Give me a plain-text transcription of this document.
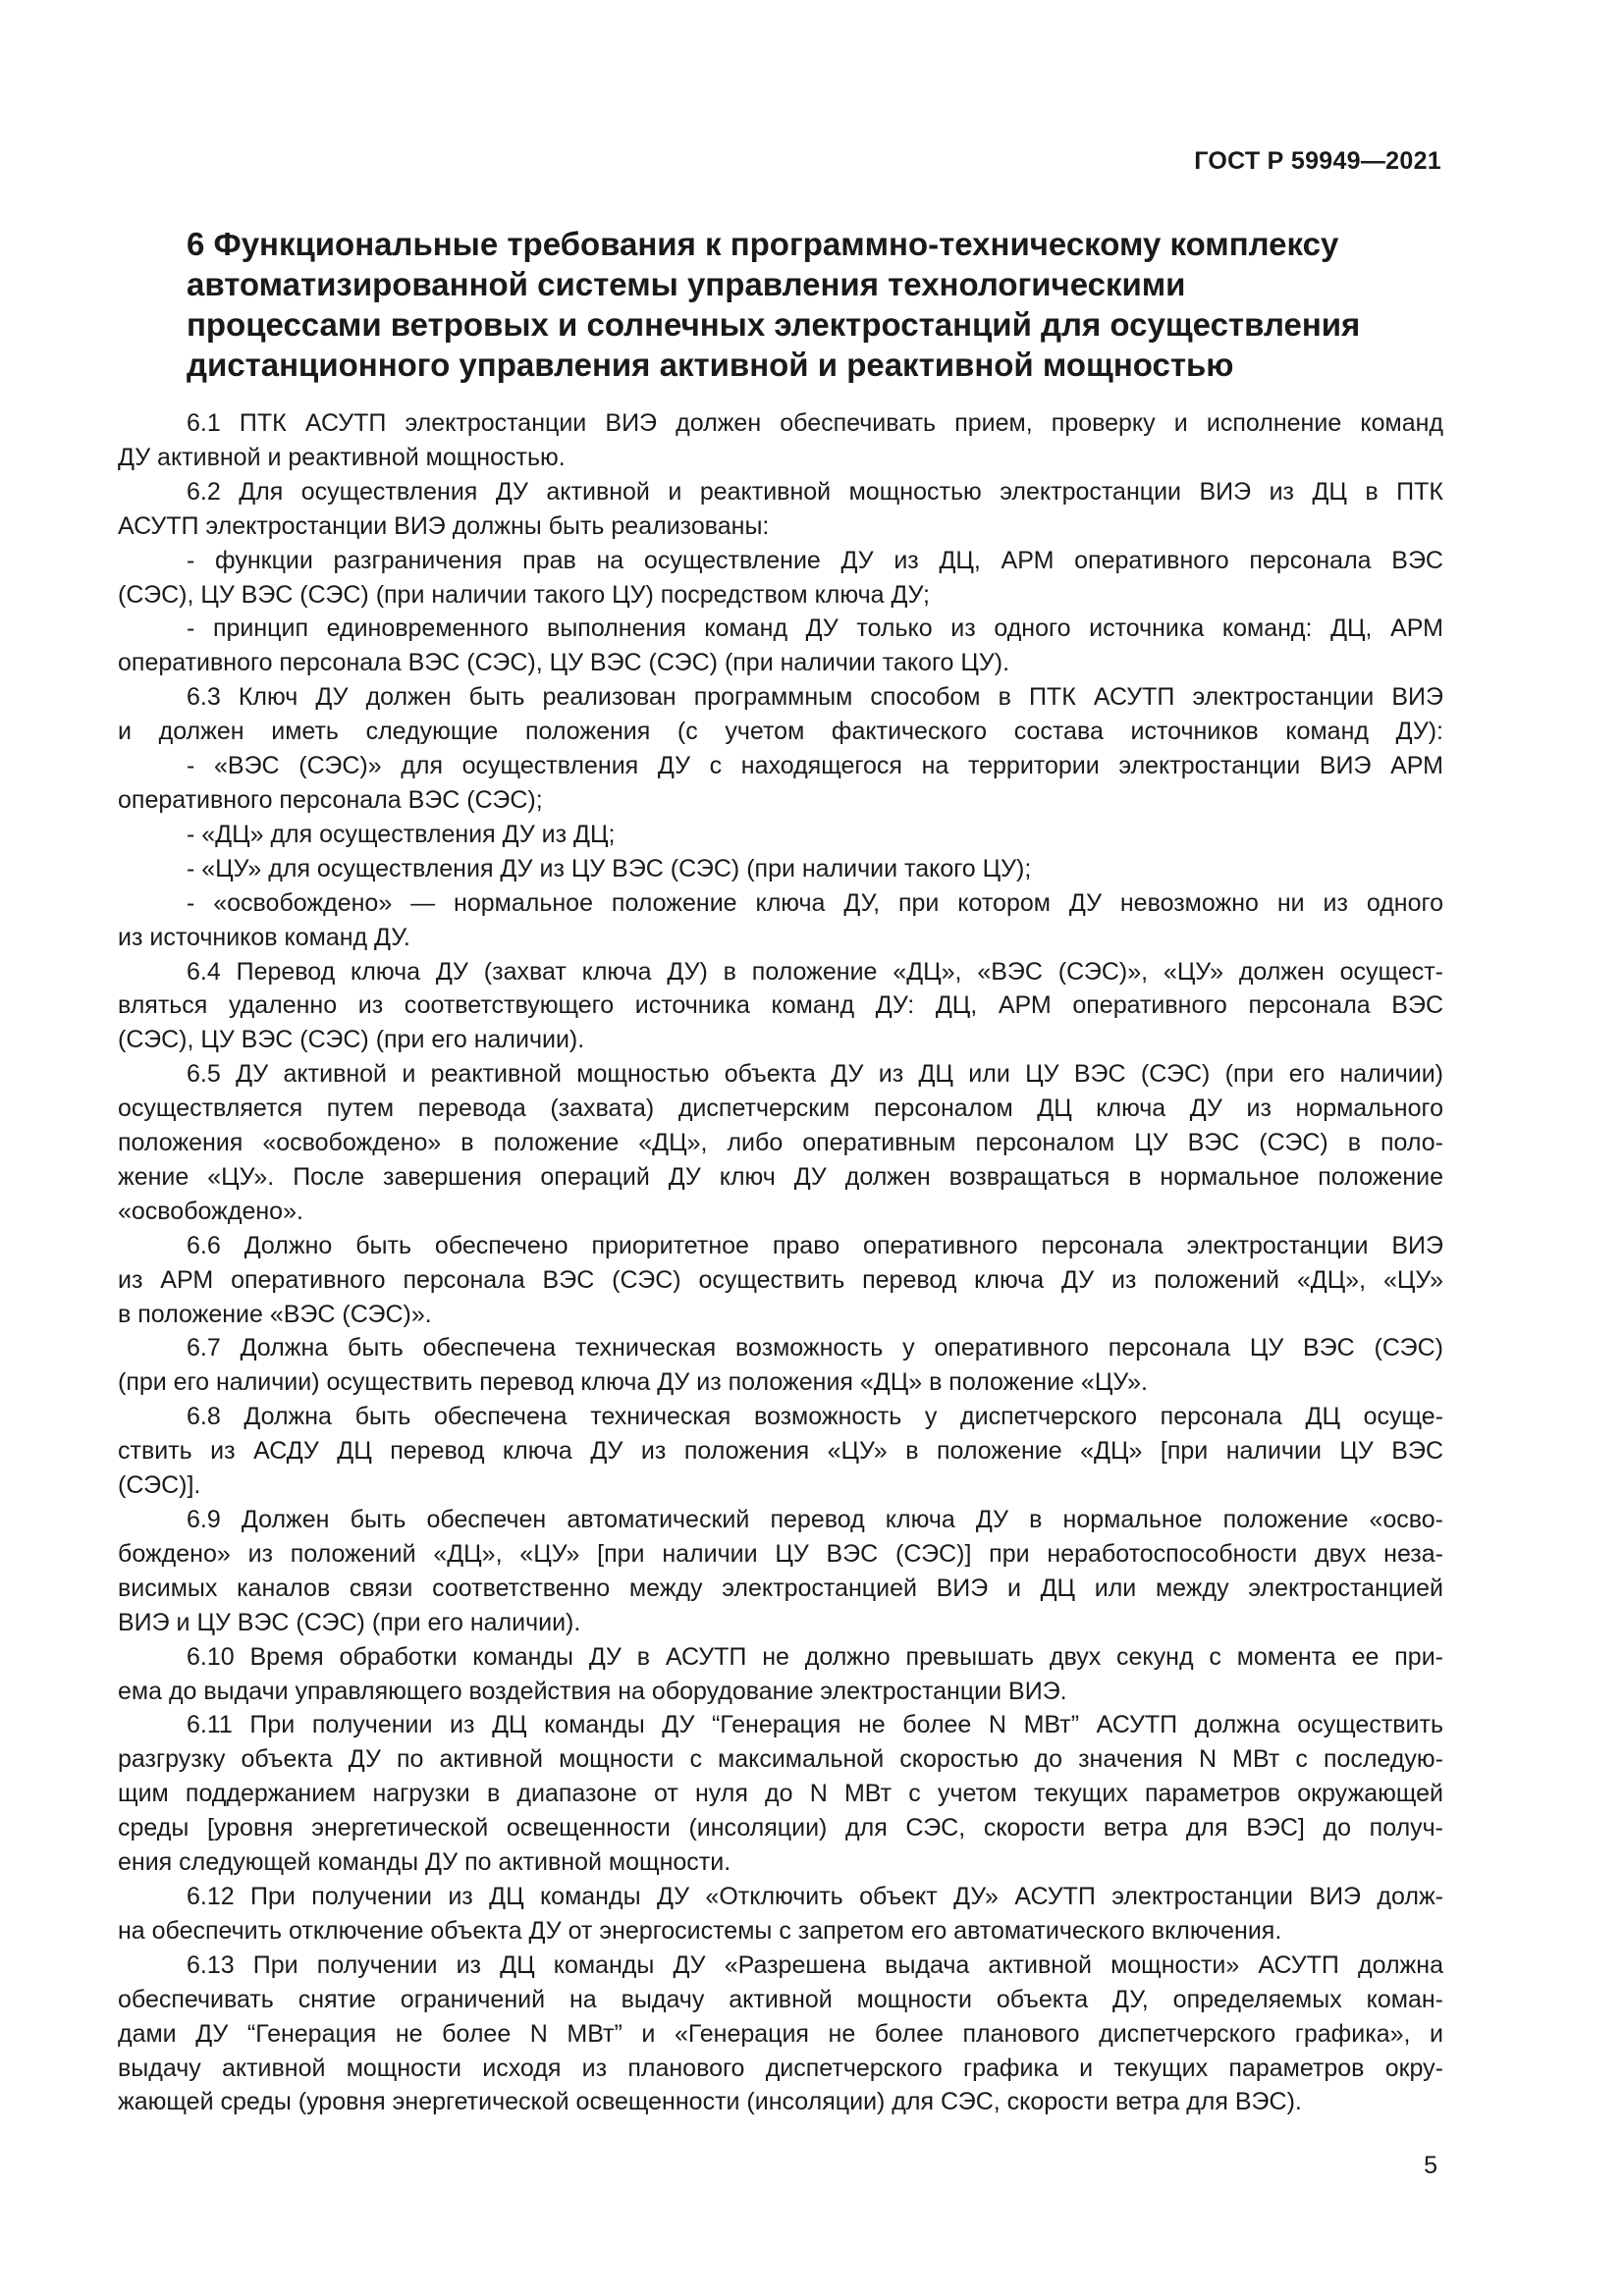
ГОСТ Р 59949—2021
6 Функциональные требования к программно-техническому комплексу
автоматизированной системы управления технологическими
процессами ветровых и солнечных электростанций для осуществления
дистанционного управления активной и реактивной мощностью

6.1 ПТК АСУТП электростанции ВИЭ должен обеспечивать прием, проверку и исполнение команд
ДУ активной и реактивной мощностью.

6.2 Для осуществления ДУ активной и реактивной мощностью электростанции ВИЭ из ДЦ в ПТК
АСУТП электростанции ВИЭ должны быть реализованы:

- функции разграничения прав на осуществление ДУ из ДЦ, АРМ оперативного персонала ВЭС
(СЭС), ЦУ ВЭС (СЭС) (при наличии такого ЦУ) посредством ключа ДУ;

- принцип единовременного выполнения команд ДУ только из одного источника команд: ДЦ, АРМ
оперативного персонала ВЭС (СЭС), ЦУ ВЭС (СЭС) (при наличии такого ЦУ).

6.3 Ключ ДУ должен быть реализован программным способом в ПТК АСУТП электростанции ВИЭ
и должен иметь следующие положения (с учетом фактического состава источников команд ДУ):

- «ВЭС (СЭС)» для осуществления ДУ с находящегося на территории электростанции ВИЭ АРМ
оперативного персонала ВЭС (СЭС);

- «ДЦ» для осуществления ДУ из ДЦ;

- «ЦУ» для осуществления ДУ из ЦУ ВЭС (СЭС) (при наличии такого ЦУ);

- «освобождено» — нормальное положение ключа ДУ, при котором ДУ невозможно ни из одного
из источников команд ДУ.

6.4 Перевод ключа ДУ (захват ключа ДУ) в положение «ДЦ», «ВЭС (СЭС)», «ЦУ» должен осущест-
вляться удаленно из соответствующего источника команд ДУ: ДЦ, АРМ оперативного персонала ВЭС
(СЭС), ЦУ ВЭС (СЭС) (при его наличии).

6.5 ДУ активной и реактивной мощностью объекта ДУ из ДЦ или ЦУ ВЭС (СЭС) (при его наличии)
осуществляется путем перевода (захвата) диспетчерским персоналом ДЦ ключа ДУ из нормального
положения «освобождено» в положение «ДЦ», либо оперативным персоналом ЦУ ВЭС (СЭС) в поло-
жение «ЦУ». После завершения операций ДУ ключ ДУ должен возвращаться в нормальное положение
«освобождено».

6.6 Должно быть обеспечено приоритетное право оперативного персонала электростанции ВИЭ
из АРМ оперативного персонала ВЭС (СЭС) осуществить перевод ключа ДУ из положений «ДЦ», «ЦУ»
в положение «ВЭС (СЭС)».

6.7 Должна быть обеспечена техническая возможность у оперативного персонала ЦУ ВЭС (СЭС)
(при его наличии) осуществить перевод ключа ДУ из положения «ДЦ» в положение «ЦУ».

6.8 Должна быть обеспечена техническая возможность у диспетчерского персонала ДЦ осуще-
ствить из АСДУ ДЦ перевод ключа ДУ из положения «ЦУ» в положение «ДЦ» [при наличии ЦУ ВЭС
(СЭС)].

6.9 Должен быть обеспечен автоматический перевод ключа ДУ в нормальное положение «осво-
бождено» из положений «ДЦ», «ЦУ» [при наличии ЦУ ВЭС (СЭС)] при неработоспособности двух неза-
висимых каналов связи соответственно между электростанцией ВИЭ и ДЦ или между электростанцией
ВИЭ и ЦУ ВЭС (СЭС) (при его наличии).

6.10 Время обработки команды ДУ в АСУТП не должно превышать двух секунд с момента ее при-
ема до выдачи управляющего воздействия на оборудование электростанции ВИЭ.

6.11 При получении из ДЦ команды ДУ “Генерация не более N МВт” АСУТП должна осуществить
разгрузку объекта ДУ по активной мощности с максимальной скоростью до значения N МВт с последую-
щим поддержанием нагрузки в диапазоне от нуля до N МВт с учетом текущих параметров окружающей
среды [уровня энергетической освещенности (инсоляции) для СЭС, скорости ветра для ВЭС] до получ-
ения следующей команды ДУ по активной мощности.

6.12 При получении из ДЦ команды ДУ «Отключить объект ДУ» АСУТП электростанции ВИЭ долж-
на обеспечить отключение объекта ДУ от энергосистемы с запретом его автоматического включения.

6.13 При получении из ДЦ команды ДУ «Разрешена выдача активной мощности» АСУТП должна
обеспечивать снятие ограничений на выдачу активной мощности объекта ДУ, определяемых коман-
дами ДУ “Генерация не более N МВт” и «Генерация не более планового диспетчерского графика», и
выдачу активной мощности исходя из планового диспетчерского графика и текущих параметров окру-
жающей среды (уровня энергетической освещенности (инсоляции) для СЭС, скорости ветра для ВЭС).

5
